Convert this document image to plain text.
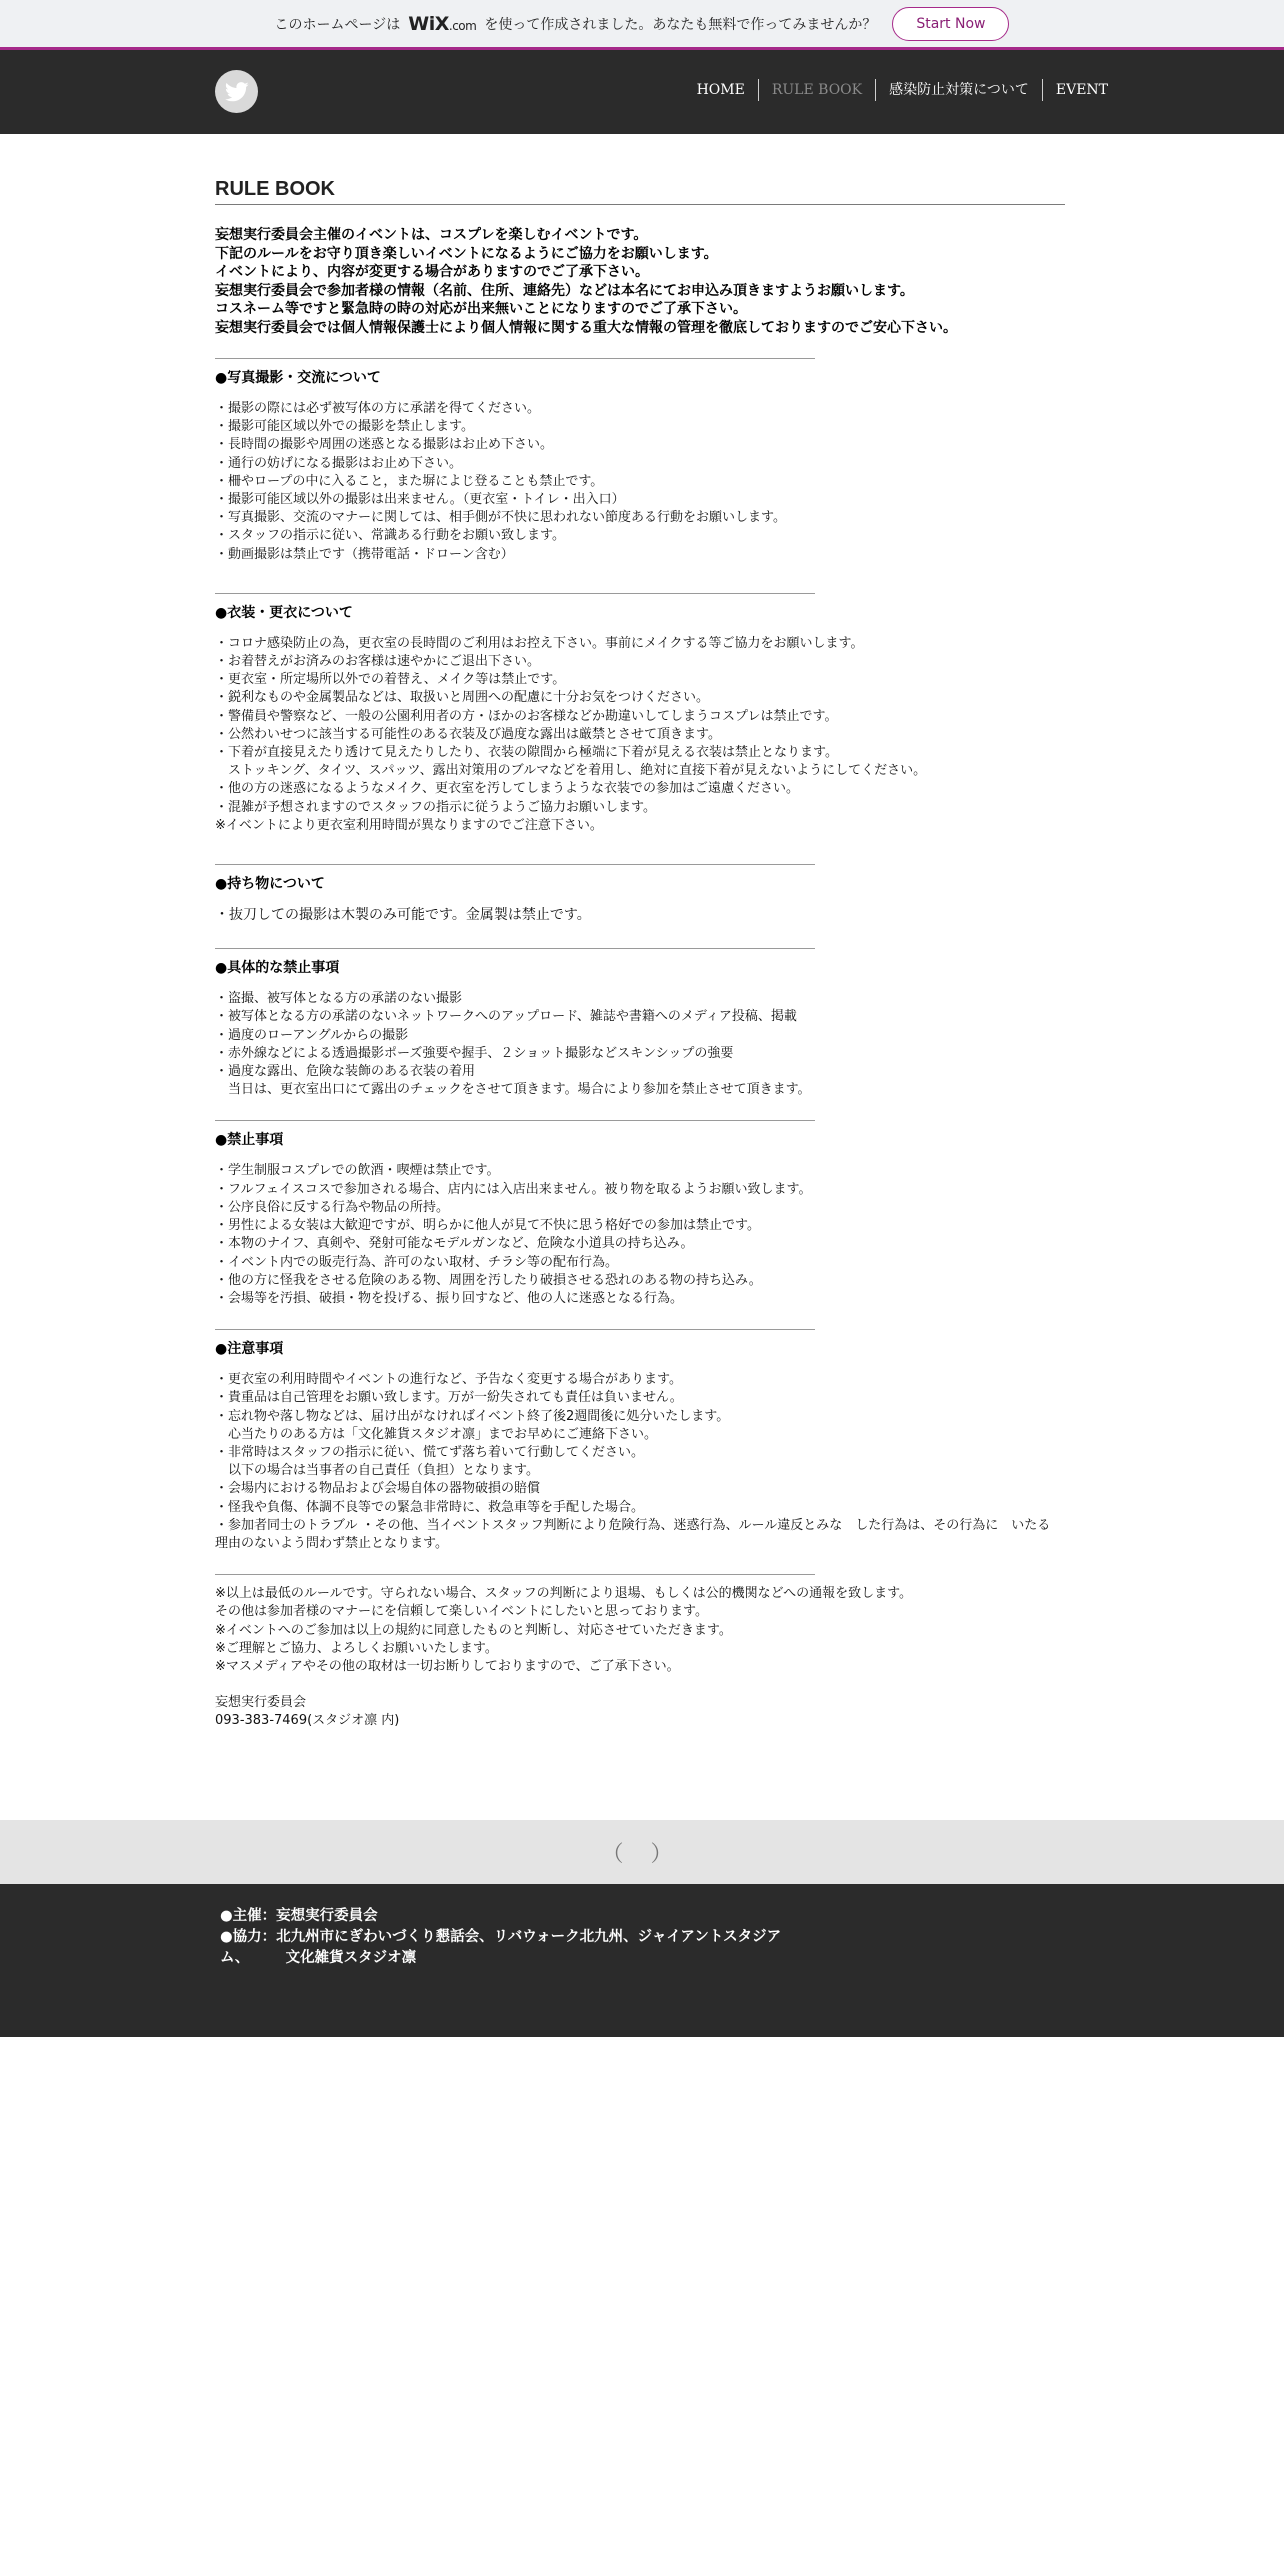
このホームページは WiX.com を使って作成されました。あなたも無料で作ってみませんか？	Start Now
HOME	RULE BOOK	感染防止対策について	EVENT
RULE BOOK
妄想実行委員会主催のイベントは、コスプレを楽しむイベントです。
下記のルールをお守り頂き楽しいイベントになるようにご協力をお願いします。
イベントにより、内容が変更する場合がありますのでご了承下さい。
妄想実行委員会で参加者様の情報（名前、住所、連絡先）などは本名にてお申込み頂きますようお願いします。
コスネーム等ですと緊急時の時の対応が出来無いことになりますのでご了承下さい。
妄想実行委員会では個人情報保護士により個人情報に関する重大な情報の管理を徹底しておりますのでご安心下さい。
●写真撮影・交流について
・撮影の際には必ず被写体の方に承諾を得てください。
・撮影可能区域以外での撮影を禁止します。
・長時間の撮影や周囲の迷惑となる撮影はお止め下さい。
・通行の妨げになる撮影はお止め下さい。
・柵やロープの中に入ること，また塀によじ登ることも禁止です。
・撮影可能区域以外の撮影は出来ません。（更衣室・トイレ・出入口）
・写真撮影、交流のマナーに関しては、相手側が不快に思われない節度ある行動をお願いします。
・スタッフの指示に従い、常識ある行動をお願い致します。
・動画撮影は禁止です（携帯電話・ドローン含む）
●衣装・更衣について
・コロナ感染防止の為，更衣室の長時間のご利用はお控え下さい。事前にメイクする等ご協力をお願いします。
・お着替えがお済みのお客様は速やかにご退出下さい。
・更衣室・所定場所以外での着替え、メイク等は禁止です。
・鋭利なものや金属製品などは、取扱いと周囲への配慮に十分お気をつけください。
・警備員や警察など、一般の公園利用者の方・ほかのお客様などか勘違いしてしまうコスプレは禁止です。
・公然わいせつに該当する可能性のある衣装及び過度な露出は厳禁とさせて頂きます。
・下着が直接見えたり透けて見えたりしたり、衣装の隙間から極端に下着が見える衣装は禁止となります。
　ストッキング、タイツ、スパッツ、露出対策用のブルマなどを着用し、絶対に直接下着が見えないようにしてください。
・他の方の迷惑になるようなメイク、更衣室を汚してしまうような衣装での参加はご遠慮ください。
・混雑が予想されますのでスタッフの指示に従うようご協力お願いします。
※イベントにより更衣室利用時間が異なりますのでご注意下さい。
●持ち物について
・抜刀しての撮影は木製のみ可能です。金属製は禁止です。
●具体的な禁止事項
・盗撮、被写体となる方の承諾のない撮影
・被写体となる方の承諾のないネットワークへのアップロード、雑誌や書籍へのメディア投稿、掲載
・過度のローアングルからの撮影
・赤外線などによる透過撮影ポーズ強要や握手、２ショット撮影などスキンシップの強要
・過度な露出、危険な装飾のある衣装の着用
　当日は、更衣室出口にて露出のチェックをさせて頂きます。場合により参加を禁止させて頂きます。
●禁止事項
・学生制服コスプレでの飲酒・喫煙は禁止です。
・フルフェイスコスで参加される場合、店内には入店出来ません。被り物を取るようお願い致します。
・公序良俗に反する行為や物品の所持。
・男性による女装は大歓迎ですが、明らかに他人が見て不快に思う格好での参加は禁止です。
・本物のナイフ、真剣や、発射可能なモデルガンなど、危険な小道具の持ち込み。
・イベント内での販売行為、許可のない取材、チラシ等の配布行為。
・他の方に怪我をさせる危険のある物、周囲を汚したり破損させる恐れのある物の持ち込み。
・会場等を汚損、破損・物を投げる、振り回すなど、他の人に迷惑となる行為。
●注意事項
・更衣室の利用時間やイベントの進行など、予告なく変更する場合があります。
・貴重品は自己管理をお願い致します。万が一紛失されても責任は負いません。
・忘れ物や落し物などは、届け出がなければイベント終了後2週間後に処分いたします。
　心当たりのある方は「文化雑貨スタジオ凛」までお早めにご連絡下さい。
・非常時はスタッフの指示に従い、慌てず落ち着いて行動してください。
　以下の場合は当事者の自己責任（負担）となります。
・会場内における物品および会場自体の器物破損の賠償
・怪我や負傷、体調不良等での緊急非常時に、救急車等を手配した場合。
・参加者同士のトラブル ・その他、当イベントスタッフ判断により危険行為、迷惑行為、ルール違反とみな　した行為は、その行為に　いたる理由のないよう問わず禁止となります。
※以上は最低のルールです。守られない場合、スタッフの判断により退場、もしくは公的機関などへの通報を致します。
その他は参加者様のマナーにを信頼して楽しいイベントにしたいと思っております。
※イベントへのご参加は以上の規約に同意したものと判断し、対応させていただきます。
※ご理解とご協力、よろしくお願いいたします。
※マスメディアやその他の取材は一切お断りしておりますので、ご了承下さい。
妄想実行委員会
093-383-7469(スタジオ凛 内)
（ ）
●主催：妄想実行委員会
●協力：北九州市にぎわいづくり懇話会、リバウォーク北九州、ジャイアントスタジア
ム、　　　文化雑貨スタジオ凛
